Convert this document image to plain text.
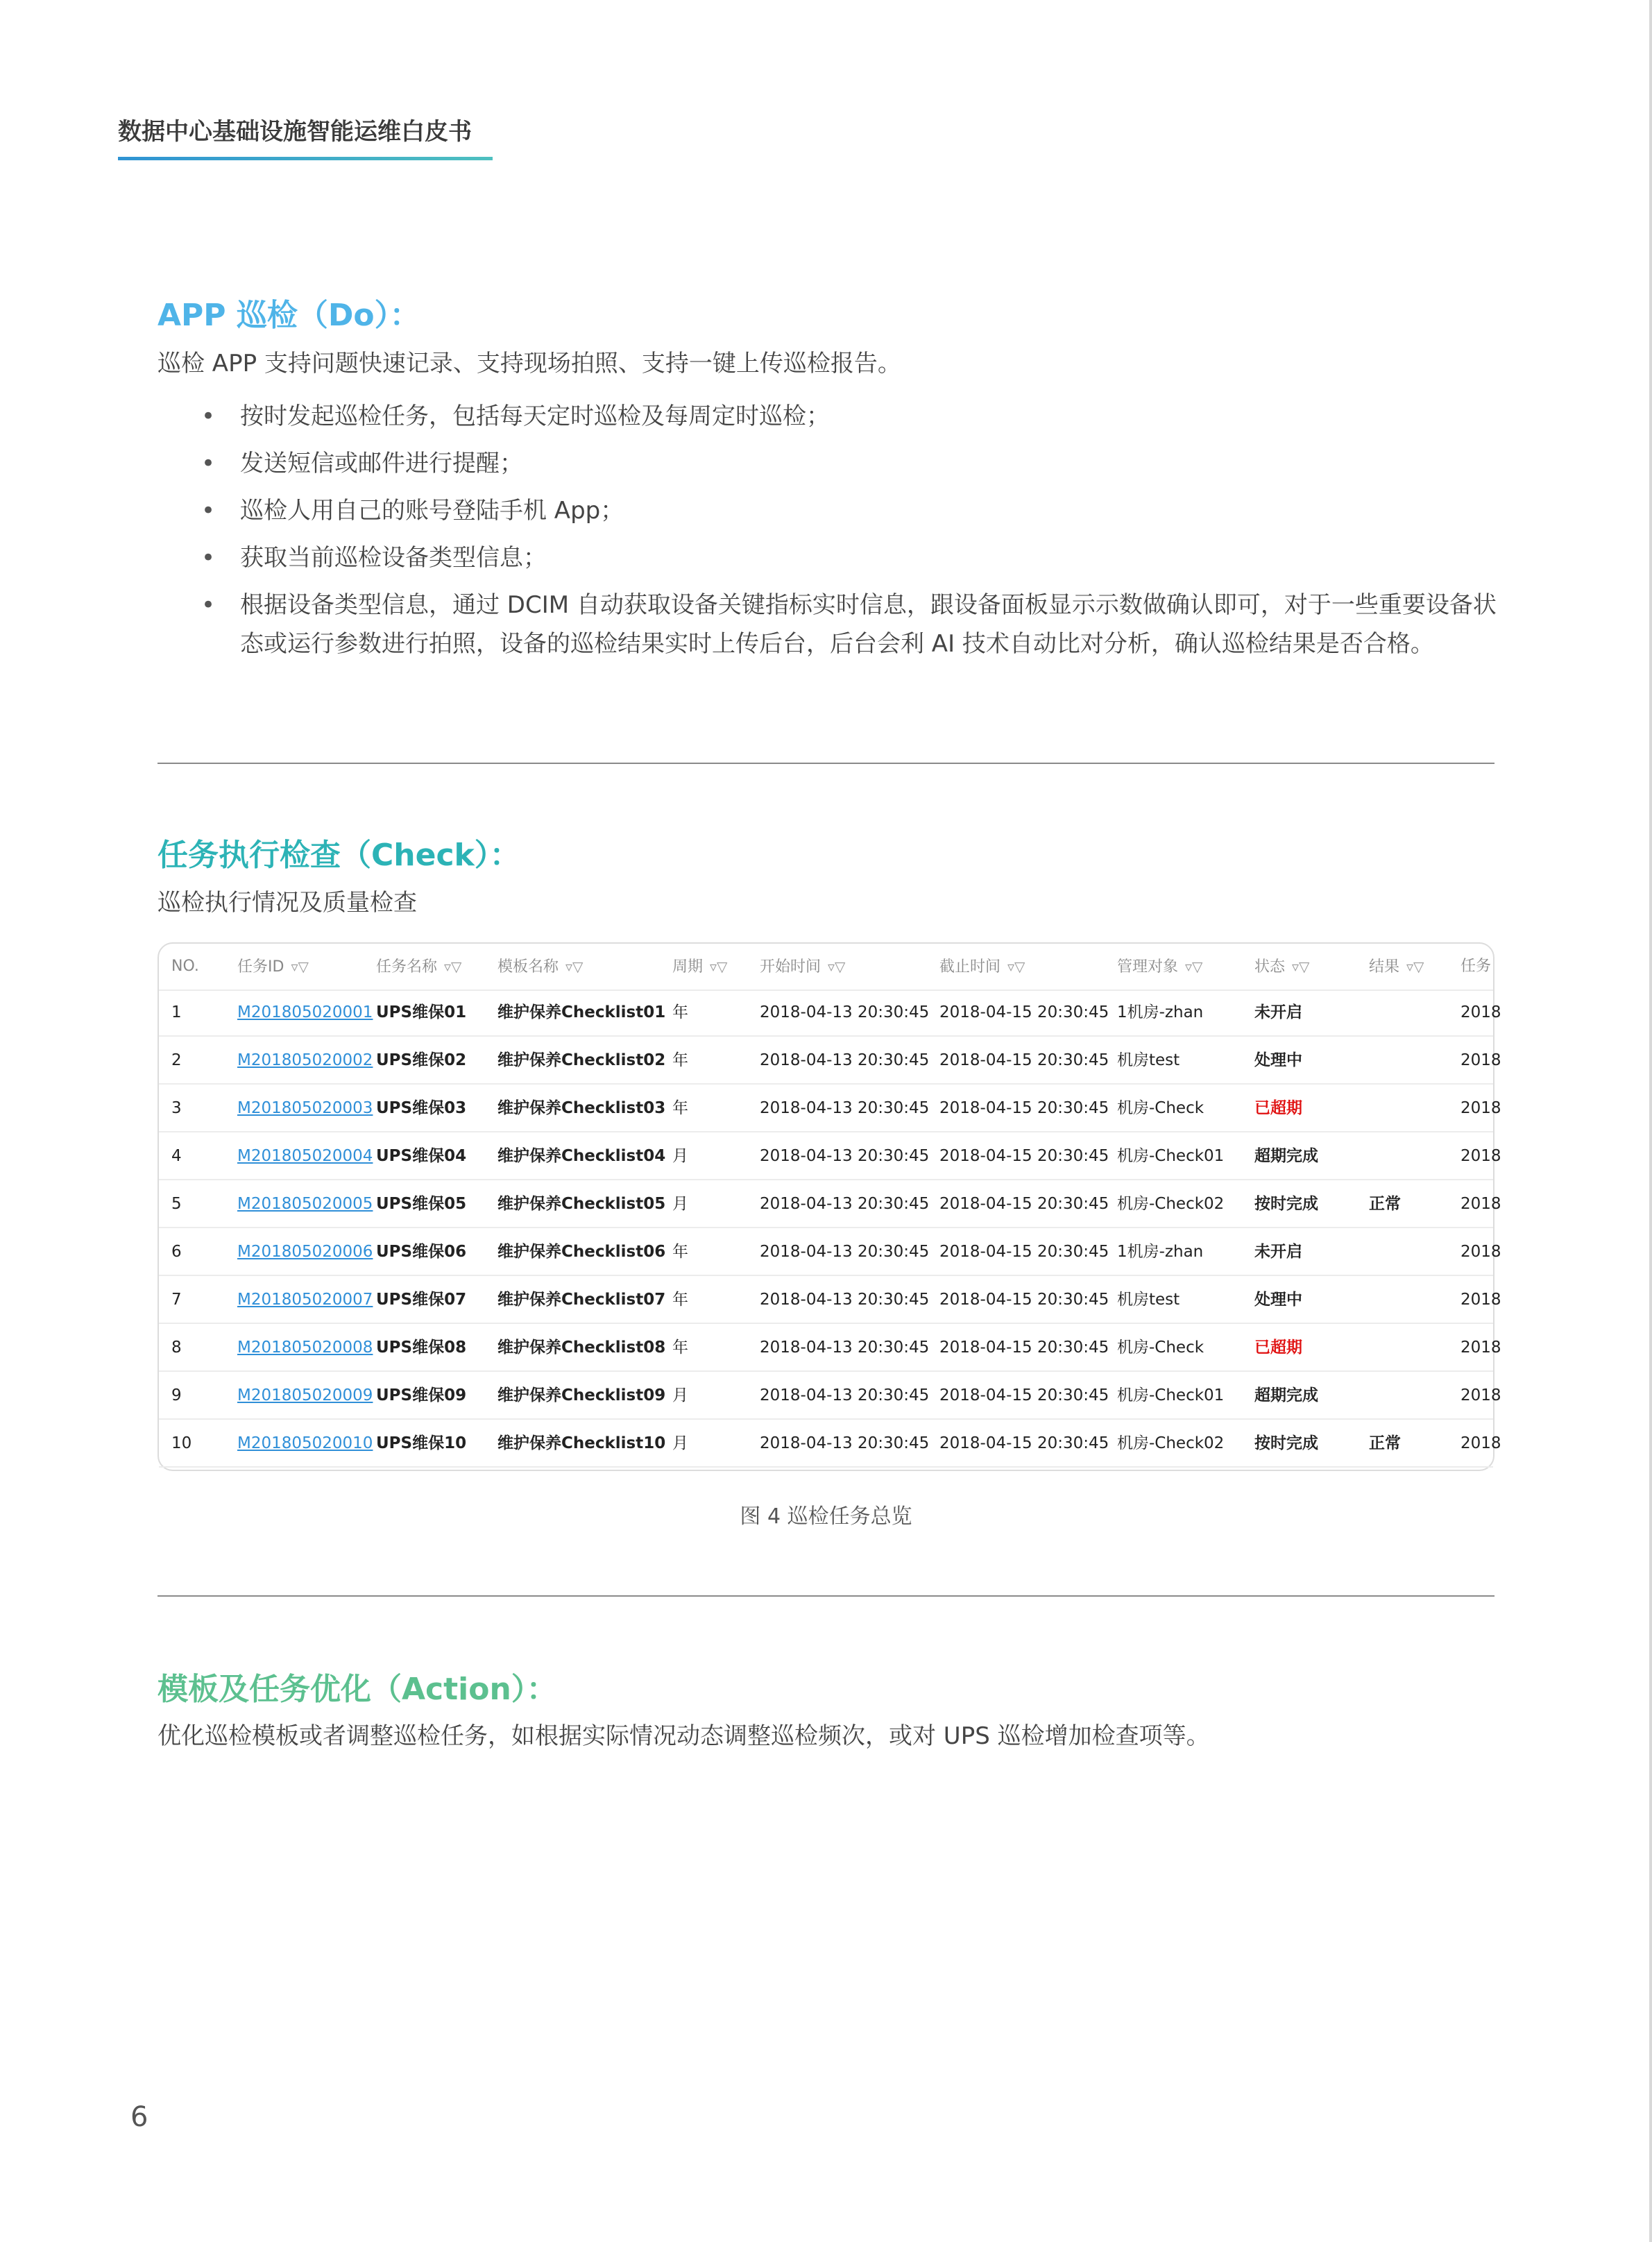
数据中心基础设施智能运维白皮书
APP 巡检（Do）：
巡检 APP 支持问题快速记录、支持现场拍照、支持一键上传巡检报告。
• 按时发起巡检任务，包括每天定时巡检及每周定时巡检；
• 发送短信或邮件进行提醒；
• 巡检人用自己的账号登陆手机 App；
• 获取当前巡检设备类型信息；
• 根据设备类型信息，通过 DCIM 自动获取设备关键指标实时信息，跟设备面板显示示数做确认即可，对于一些重要设备状态或运行参数进行拍照，设备的巡检结果实时上传后台，后台会利 AI 技术自动比对分析，确认巡检结果是否合格。
任务执行检查（Check）：
巡检执行情况及质量检查
NO.	任务ID ▿▽	任务名称 ▿▽ 模板名称 ▿▽	周期 ▿▽ 开始时间 ▿▽	截止时间 ▿▽	管理对象 ▿▽	状态 ▿▽	结果 ▿▽ 任务
1	M201805020001 UPS维保01 维护保养Checklist01 年	2018-04-13 20:30:45 2018-04-15 20:30:45 1机房-zhan	未开启	2018
2	M201805020002 UPS维保02 维护保养Checklist02 年	2018-04-13 20:30:45 2018-04-15 20:30:45 机房test	处理中	2018
3	M201805020003 UPS维保03 维护保养Checklist03 年	2018-04-13 20:30:45 2018-04-15 20:30:45 机房-Check	已超期	2018
4	M201805020004 UPS维保04 维护保养Checklist04 月	2018-04-13 20:30:45 2018-04-15 20:30:45 机房-Check01 超期完成	2018
5	M201805020005 UPS维保05 维护保养Checklist05 月	2018-04-13 20:30:45 2018-04-15 20:30:45 机房-Check02 按时完成	正常	2018
6	M201805020006 UPS维保06 维护保养Checklist06 年	2018-04-13 20:30:45 2018-04-15 20:30:45 1机房-zhan	未开启	2018
7	M201805020007 UPS维保07 维护保养Checklist07 年	2018-04-13 20:30:45 2018-04-15 20:30:45 机房test	处理中	2018
8	M201805020008 UPS维保08 维护保养Checklist08 年	2018-04-13 20:30:45 2018-04-15 20:30:45 机房-Check	已超期	2018
9	M201805020009 UPS维保09 维护保养Checklist09 月	2018-04-13 20:30:45 2018-04-15 20:30:45 机房-Check01 超期完成	2018
10	M201805020010 UPS维保10 维护保养Checklist10 月	2018-04-13 20:30:45 2018-04-15 20:30:45 机房-Check02 按时完成	正常	2018
图 4 巡检任务总览
模板及任务优化（Action）：
优化巡检模板或者调整巡检任务，如根据实际情况动态调整巡检频次，或对 UPS 巡检增加检查项等。
6
